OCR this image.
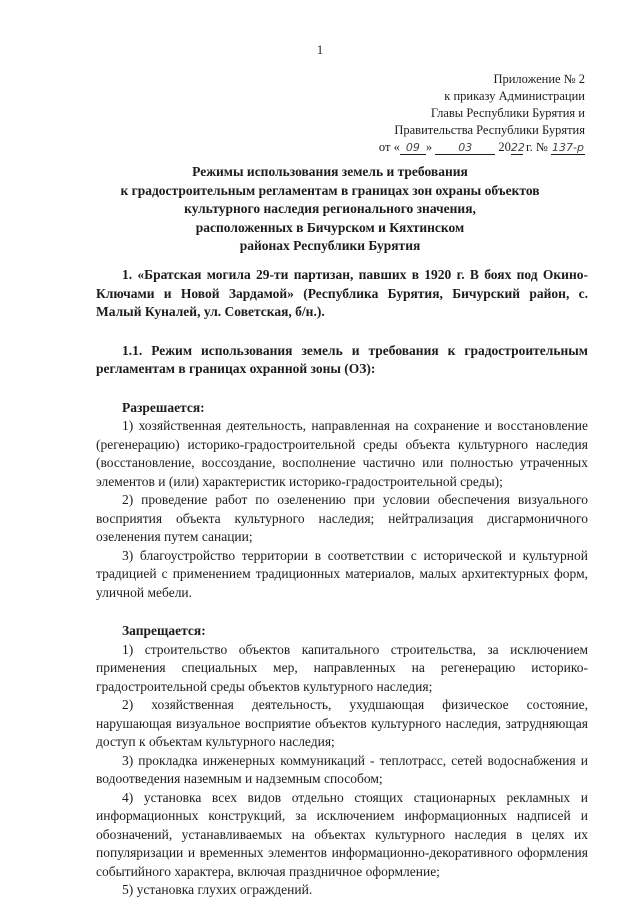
1
Приложение № 2
к приказу Администрации
Главы Республики Бурятия и
Правительства Республики Бурятия
от « 09 » 03 2022 г. № 137-р
Режимы использования земель и требования
к градостроительным регламентам в границах зон охраны объектов
культурного наследия регионального значения,
расположенных в Бичурском и Кяхтинском
районах Республики Бурятия

1. «Братская могила 29-ти партизан, павших в 1920 г. В боях под Окино-Ключами и Новой Зардамой» (Республика Бурятия, Бичурский район, с. Малый Куналей, ул. Советская, б/н.).

1.1. Режим использования земель и требования к градостроительным регламентам в границах охранной зоны (ОЗ):

Разрешается:

1) хозяйственная деятельность, направленная на сохранение и восстановление (регенерацию) историко-градостроительной среды объекта культурного наследия (восстановление, воссоздание, восполнение частично или полностью утраченных элементов и (или) характеристик историко-градостроительной среды);

2) проведение работ по озеленению при условии обеспечения визуального восприятия объекта культурного наследия; нейтрализация дисгармоничного озеленения путем санации;

3) благоустройство территории в соответствии с исторической и культурной традицией с применением традиционных материалов, малых архитектурных форм, уличной мебели.

Запрещается:

1) строительство объектов капитального строительства, за исключением применения специальных мер, направленных на регенерацию историко-градостроительной среды объектов культурного наследия;

2) хозяйственная деятельность, ухудшающая физическое состояние, нарушающая визуальное восприятие объектов культурного наследия, затрудняющая доступ к объектам культурного наследия;

3) прокладка инженерных коммуникаций - теплотрасс, сетей водоснабжения и водоотведения наземным и надземным способом;

4) установка всех видов отдельно стоящих стационарных рекламных и информационных конструкций, за исключением информационных надписей и обозначений, устанавливаемых на объектах культурного наследия в целях их популяризации и временных элементов информационно-декоративного оформления событийного характера, включая праздничное оформление;

5) установка глухих ограждений.
